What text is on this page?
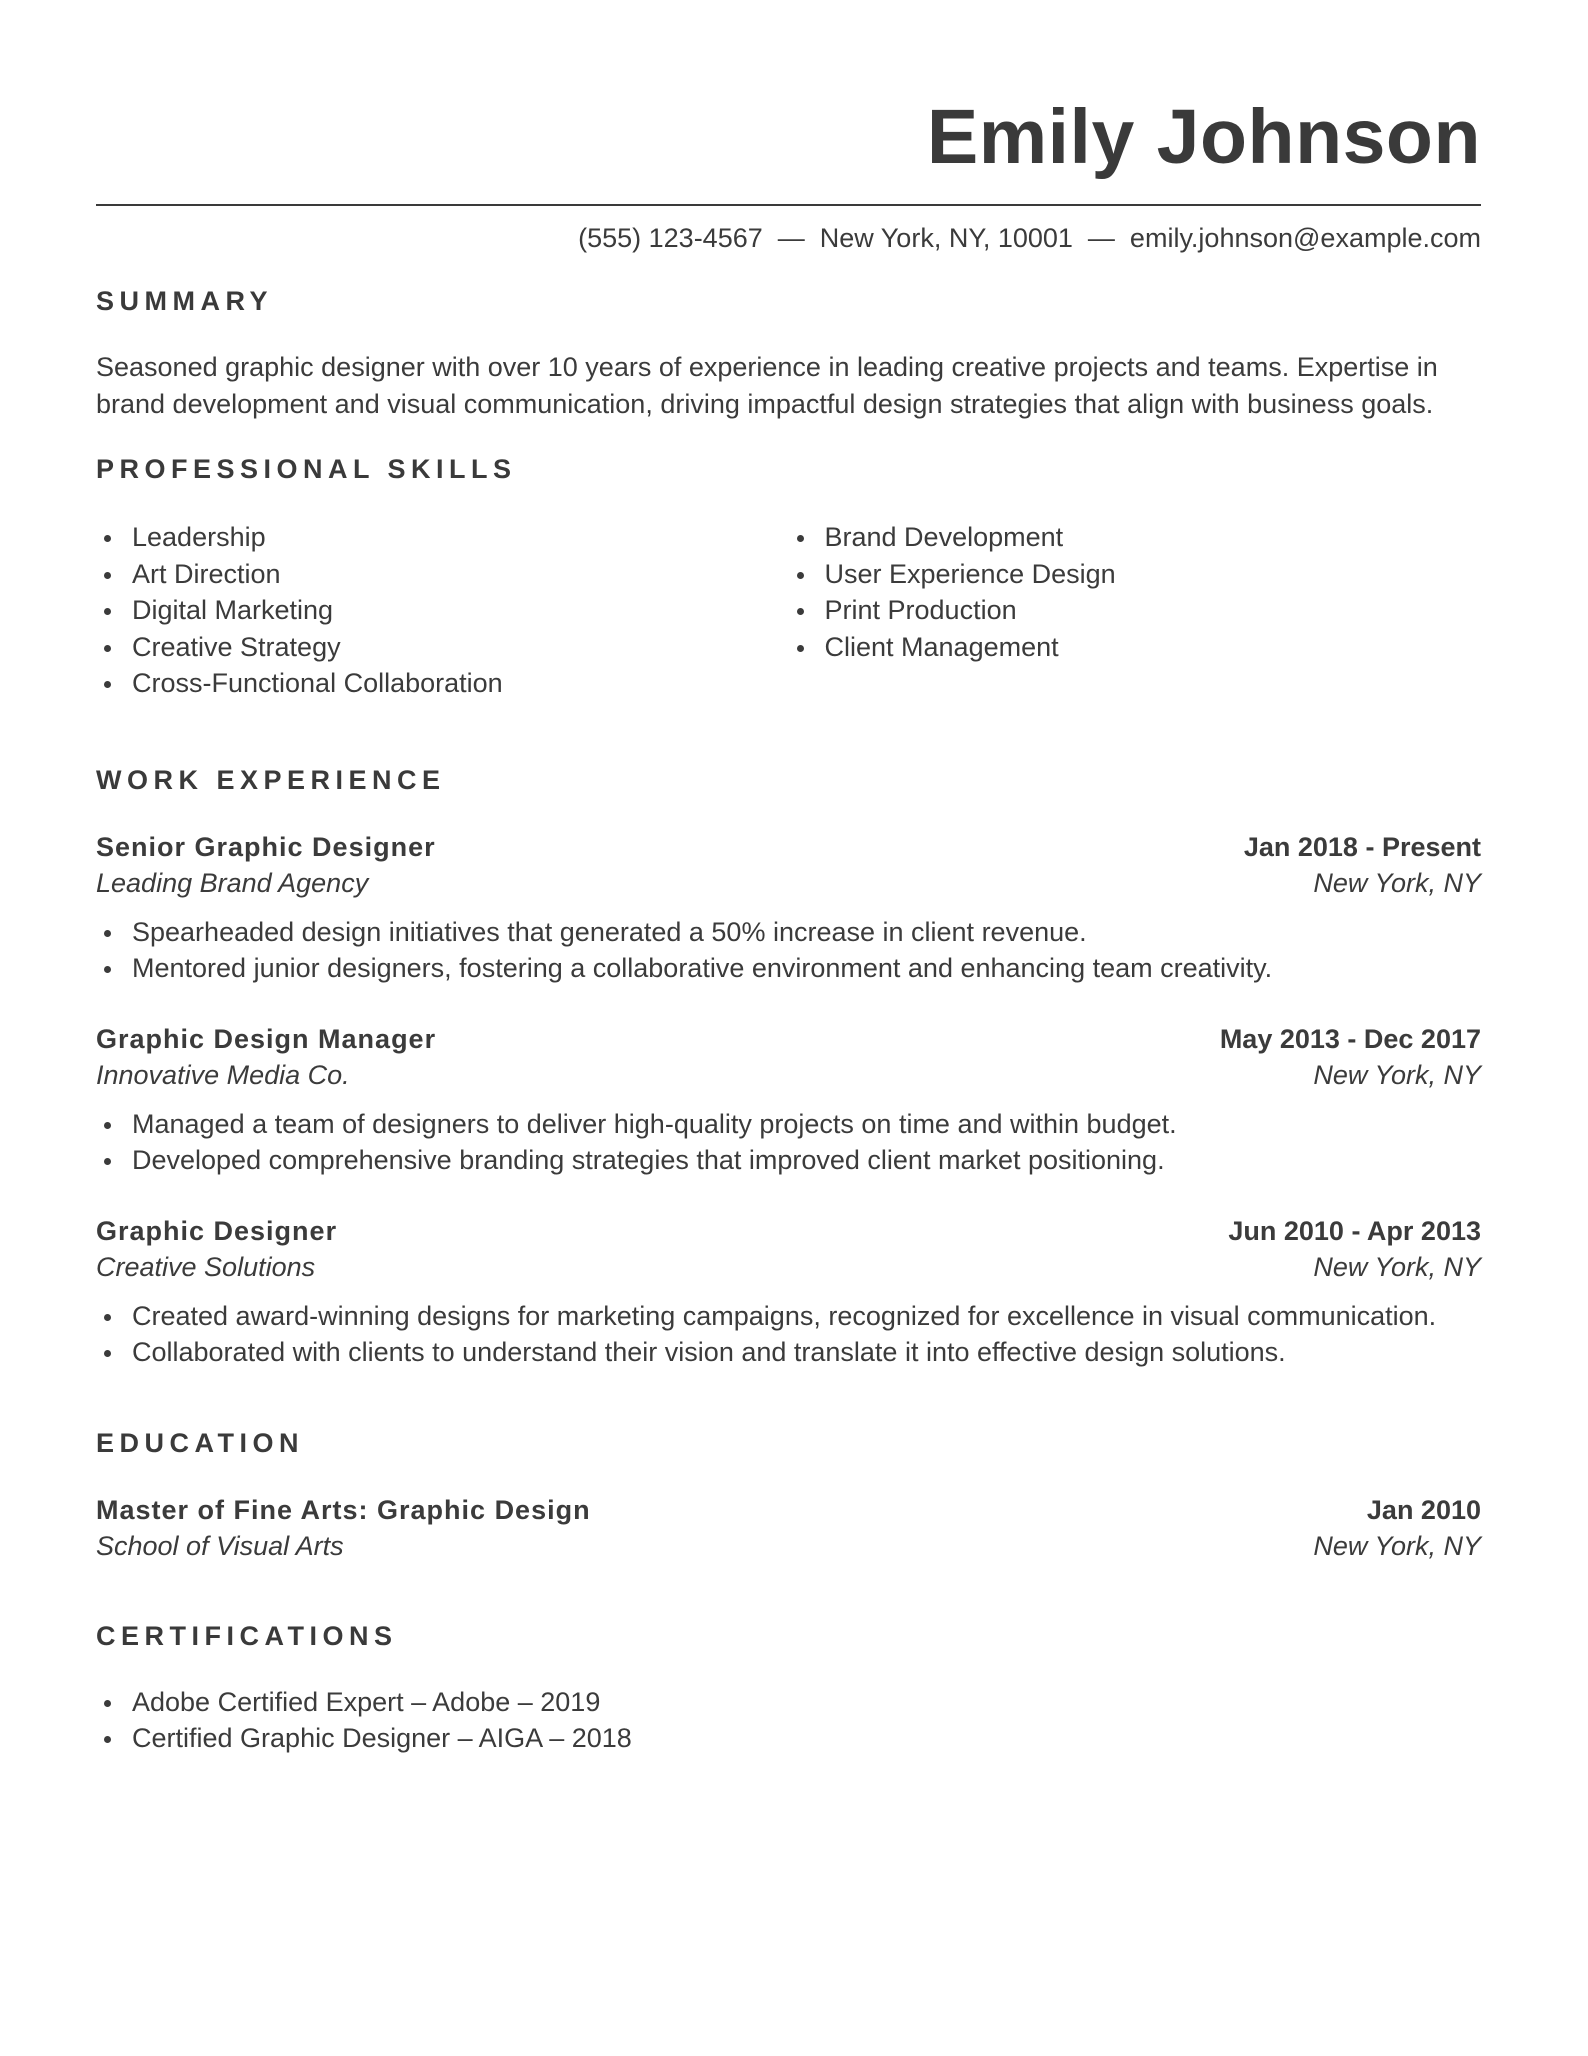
Emily Johnson
(555) 123-4567  —  New York, NY, 10001  —  emily.johnson@example.com
SUMMARY
Seasoned graphic designer with over 10 years of experience in leading creative projects and teams. Expertise in brand development and visual communication, driving impactful design strategies that align with business goals.
PROFESSIONAL SKILLS
Leadership
Art Direction
Digital Marketing
Creative Strategy
Cross-Functional Collaboration
Brand Development
User Experience Design
Print Production
Client Management
WORK EXPERIENCE
Senior Graphic Designer	Jan 2018 - Present
Leading Brand Agency	New York, NY
Spearheaded design initiatives that generated a 50% increase in client revenue.
Mentored junior designers, fostering a collaborative environment and enhancing team creativity.
Graphic Design Manager	May 2013 - Dec 2017
Innovative Media Co.	New York, NY
Managed a team of designers to deliver high-quality projects on time and within budget.
Developed comprehensive branding strategies that improved client market positioning.
Graphic Designer	Jun 2010 - Apr 2013
Creative Solutions	New York, NY
Created award-winning designs for marketing campaigns, recognized for excellence in visual communication.
Collaborated with clients to understand their vision and translate it into effective design solutions.
EDUCATION
Master of Fine Arts: Graphic Design	Jan 2010
School of Visual Arts	New York, NY
CERTIFICATIONS
Adobe Certified Expert – Adobe – 2019
Certified Graphic Designer – AIGA – 2018
